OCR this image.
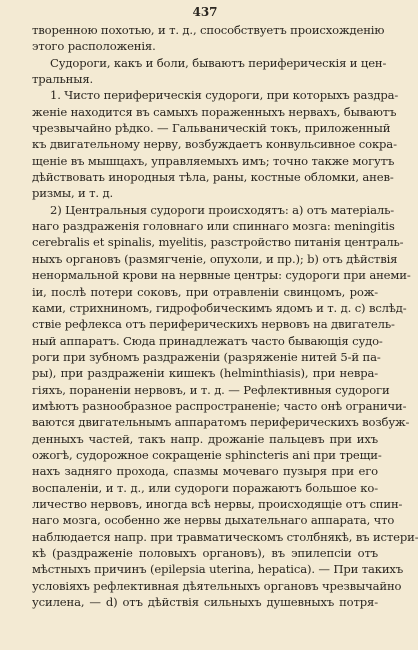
437
творенною похотью, и т. д., способствуетъ происхожденію
этого расположенія.
Судороги, какъ и боли, бываютъ периферическія и цен-
тральныя.
1. Чисто периферическія судороги, при которыхъ раздра-
женіе находится въ самыхъ пораженныхъ нервахъ, бываютъ
чрезвычайно рѣдко. — Гальваническій токъ, приложенный
къ двигательному нерву, возбуждаетъ конвульсивное сокра-
щеніе въ мышцахъ, управляемыхъ имъ; точно также могутъ
дѣйствовать инородныя тѣла, раны, костные обломки, анев-
ризмы, и т. д.
2) Центральныя судороги происходятъ: a) отъ матеріаль-
наго раздраженія головнаго или спиннаго мозга: meningitis
cerebralis et spinalis, myelitis, разстройство питанія централь-
ныхъ органовъ (размягченіе, опухоли, и пр.); b) отъ дѣйствія
ненормальной крови на нервные центры: судороги при анеми-
іи, послѣ потери соковъ, при отравленіи свинцомъ, рож-
ками, стрихниномъ, гидрофобическимъ ядомъ и т. д. c) вслѣд-
ствіе рефлекса отъ периферическихъ нервовъ на двигатель-
ный аппаратъ. Сюда принадлежатъ часто бывающія судо-
роги при зубномъ раздраженіи (разряженіе нитей 5-й па-
ры), при раздраженіи кишекъ (helminthiasis), при невра-
гіяхъ, пораненіи нервовъ, и т. д. — Рефлективныя судороги
имѣютъ разнообразное распространеніе; часто онѣ ограничи-
ваются двигательнымъ аппаратомъ периферическихъ возбуж-
денныхъ частей, такъ напр. дрожаніе пальцевъ при ихъ
ожогѣ, судорожное сокращеніе sphincteris ani при трещи-
нахъ задняго прохода, спазмы мочеваго пузыря при его
воспаленіи, и т. д., или судороги поражаютъ большое ко-
личество нервовъ, иногда всѣ нервы, происходящіе отъ спин-
наго мозга, особенно же нервы дыхательнаго аппарата, что
наблюдается напр. при травматическомъ столбнякѣ, въ истери-
кѣ (раздраженіе половыхъ органовъ), въ эпилепсіи отъ
мѣстныхъ причинъ (epilepsia uterina, hepatica). — При такихъ
условіяхъ рефлективная дѣятельныхъ органовъ чрезвычайно
усилена, — d) отъ дѣйствія сильныхъ душевныхъ потря-
